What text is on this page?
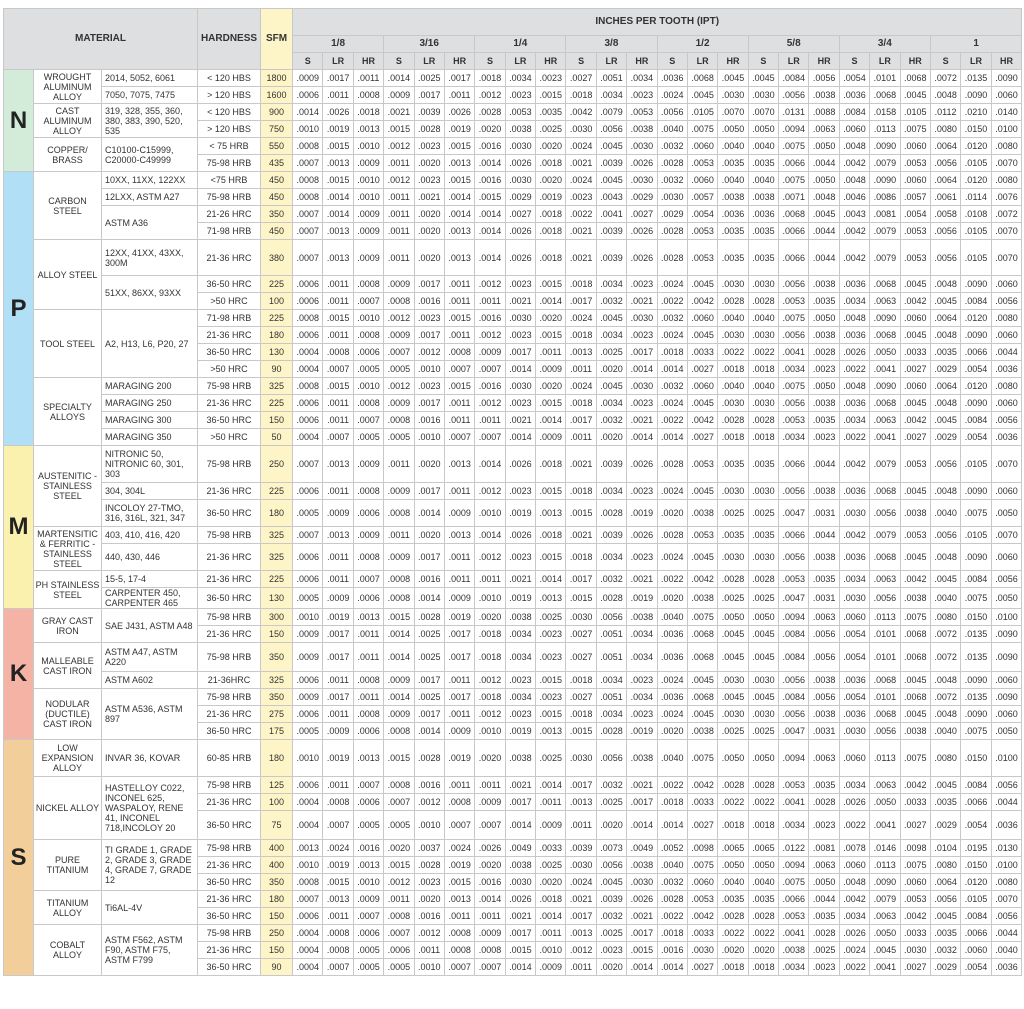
MATERIAL			HARDNESS	SFM	INCHES PER TOOTH (IPT)																							
					1/8			3/16			1/4			3/8			1/2			5/8			3/4			1		
					S	LR	HR	S	LR	HR	S	LR	HR	S	LR	HR	S	LR	HR	S	LR	HR	S	LR	HR	S	LR	HR
N	WROUGHT ALUMINUM ALLOY	2014, 5052, 6061	< 120 HBS	1800	.0009	.0017	.0011	.0014	.0025	.0017	.0018	.0034	.0023	.0027	.0051	.0034	.0036	.0068	.0045	.0045	.0084	.0056	.0054	.0101	.0068	.0072	.0135	.0090
		7050, 7075, 7475	> 120 HBS	1600	.0006	.0011	.0008	.0009	.0017	.0011	.0012	.0023	.0015	.0018	.0034	.0023	.0024	.0045	.0030	.0030	.0056	.0038	.0036	.0068	.0045	.0048	.0090	.0060
	CAST ALUMINUM ALLOY	319, 328, 355, 360, 380, 383, 390, 520, 535	< 120 HBS	900	.0014	.0026	.0018	.0021	.0039	.0026	.0028	.0053	.0035	.0042	.0079	.0053	.0056	.0105	.0070	.0070	.0131	.0088	.0084	.0158	.0105	.0112	.0210	.0140
			> 120 HBS	750	.0010	.0019	.0013	.0015	.0028	.0019	.0020	.0038	.0025	.0030	.0056	.0038	.0040	.0075	.0050	.0050	.0094	.0063	.0060	.0113	.0075	.0080	.0150	.0100
	COPPER/ BRASS	C10100-C15999, C20000-C49999	< 75 HRB	550	.0008	.0015	.0010	.0012	.0023	.0015	.0016	.0030	.0020	.0024	.0045	.0030	.0032	.0060	.0040	.0040	.0075	.0050	.0048	.0090	.0060	.0064	.0120	.0080
			75-98 HRB	435	.0007	.0013	.0009	.0011	.0020	.0013	.0014	.0026	.0018	.0021	.0039	.0026	.0028	.0053	.0035	.0035	.0066	.0044	.0042	.0079	.0053	.0056	.0105	.0070
P	CARBON STEEL	10XX, 11XX, 122XX	<75 HRB	450	.0008	.0015	.0010	.0012	.0023	.0015	.0016	.0030	.0020	.0024	.0045	.0030	.0032	.0060	.0040	.0040	.0075	.0050	.0048	.0090	.0060	.0064	.0120	.0080
		12LXX, ASTM A27	75-98 HRB	450	.0008	.0014	.0010	.0011	.0021	.0014	.0015	.0029	.0019	.0023	.0043	.0029	.0030	.0057	.0038	.0038	.0071	.0048	.0046	.0086	.0057	.0061	.0114	.0076
		ASTM A36	21-26 HRC	350	.0007	.0014	.0009	.0011	.0020	.0014	.0014	.0027	.0018	.0022	.0041	.0027	.0029	.0054	.0036	.0036	.0068	.0045	.0043	.0081	.0054	.0058	.0108	.0072
			71-98 HRB	450	.0007	.0013	.0009	.0011	.0020	.0013	.0014	.0026	.0018	.0021	.0039	.0026	.0028	.0053	.0035	.0035	.0066	.0044	.0042	.0079	.0053	.0056	.0105	.0070
	ALLOY STEEL	12XX, 41XX, 43XX, 300M	21-36 HRC	380	.0007	.0013	.0009	.0011	.0020	.0013	.0014	.0026	.0018	.0021	.0039	.0026	.0028	.0053	.0035	.0035	.0066	.0044	.0042	.0079	.0053	.0056	.0105	.0070
		51XX, 86XX, 93XX	36-50 HRC	225	.0006	.0011	.0008	.0009	.0017	.0011	.0012	.0023	.0015	.0018	.0034	.0023	.0024	.0045	.0030	.0030	.0056	.0038	.0036	.0068	.0045	.0048	.0090	.0060
			>50 HRC	100	.0006	.0011	.0007	.0008	.0016	.0011	.0011	.0021	.0014	.0017	.0032	.0021	.0022	.0042	.0028	.0028	.0053	.0035	.0034	.0063	.0042	.0045	.0084	.0056
	TOOL STEEL	A2, H13, L6, P20, 27	71-98 HRB	225	.0008	.0015	.0010	.0012	.0023	.0015	.0016	.0030	.0020	.0024	.0045	.0030	.0032	.0060	.0040	.0040	.0075	.0050	.0048	.0090	.0060	.0064	.0120	.0080
			21-36 HRC	180	.0006	.0011	.0008	.0009	.0017	.0011	.0012	.0023	.0015	.0018	.0034	.0023	.0024	.0045	.0030	.0030	.0056	.0038	.0036	.0068	.0045	.0048	.0090	.0060
			36-50 HRC	130	.0004	.0008	.0006	.0007	.0012	.0008	.0009	.0017	.0011	.0013	.0025	.0017	.0018	.0033	.0022	.0022	.0041	.0028	.0026	.0050	.0033	.0035	.0066	.0044
			>50 HRC	90	.0004	.0007	.0005	.0005	.0010	.0007	.0007	.0014	.0009	.0011	.0020	.0014	.0014	.0027	.0018	.0018	.0034	.0023	.0022	.0041	.0027	.0029	.0054	.0036
	SPECIALTY ALLOYS	MARAGING 200	75-98 HRB	325	.0008	.0015	.0010	.0012	.0023	.0015	.0016	.0030	.0020	.0024	.0045	.0030	.0032	.0060	.0040	.0040	.0075	.0050	.0048	.0090	.0060	.0064	.0120	.0080
		MARAGING 250	21-36 HRC	225	.0006	.0011	.0008	.0009	.0017	.0011	.0012	.0023	.0015	.0018	.0034	.0023	.0024	.0045	.0030	.0030	.0056	.0038	.0036	.0068	.0045	.0048	.0090	.0060
		MARAGING 300	36-50 HRC	150	.0006	.0011	.0007	.0008	.0016	.0011	.0011	.0021	.0014	.0017	.0032	.0021	.0022	.0042	.0028	.0028	.0053	.0035	.0034	.0063	.0042	.0045	.0084	.0056
		MARAGING 350	>50 HRC	50	.0004	.0007	.0005	.0005	.0010	.0007	.0007	.0014	.0009	.0011	.0020	.0014	.0014	.0027	.0018	.0018	.0034	.0023	.0022	.0041	.0027	.0029	.0054	.0036
M	AUSTENITIC - STAINLESS STEEL	NITRONIC 50, NITRONIC 60, 301, 303	75-98 HRB	250	.0007	.0013	.0009	.0011	.0020	.0013	.0014	.0026	.0018	.0021	.0039	.0026	.0028	.0053	.0035	.0035	.0066	.0044	.0042	.0079	.0053	.0056	.0105	.0070
		304, 304L	21-36 HRC	225	.0006	.0011	.0008	.0009	.0017	.0011	.0012	.0023	.0015	.0018	.0034	.0023	.0024	.0045	.0030	.0030	.0056	.0038	.0036	.0068	.0045	.0048	.0090	.0060
		INCOLOY 27-TMO, 316, 316L, 321, 347	36-50 HRC	180	.0005	.0009	.0006	.0008	.0014	.0009	.0010	.0019	.0013	.0015	.0028	.0019	.0020	.0038	.0025	.0025	.0047	.0031	.0030	.0056	.0038	.0040	.0075	.0050
	MARTENSITIC & FERRITIC - STAINLESS STEEL	403, 410, 416, 420	75-98 HRB	325	.0007	.0013	.0009	.0011	.0020	.0013	.0014	.0026	.0018	.0021	.0039	.0026	.0028	.0053	.0035	.0035	.0066	.0044	.0042	.0079	.0053	.0056	.0105	.0070
		440, 430, 446	21-36 HRC	325	.0006	.0011	.0008	.0009	.0017	.0011	.0012	.0023	.0015	.0018	.0034	.0023	.0024	.0045	.0030	.0030	.0056	.0038	.0036	.0068	.0045	.0048	.0090	.0060
	PH STAINLESS STEEL	15-5, 17-4	21-36 HRC	225	.0006	.0011	.0007	.0008	.0016	.0011	.0011	.0021	.0014	.0017	.0032	.0021	.0022	.0042	.0028	.0028	.0053	.0035	.0034	.0063	.0042	.0045	.0084	.0056
		CARPENTER 450, CARPENTER 465	36-50 HRC	130	.0005	.0009	.0006	.0008	.0014	.0009	.0010	.0019	.0013	.0015	.0028	.0019	.0020	.0038	.0025	.0025	.0047	.0031	.0030	.0056	.0038	.0040	.0075	.0050
K	GRAY CAST IRON	SAE J431, ASTM A48	75-98 HRB	300	.0010	.0019	.0013	.0015	.0028	.0019	.0020	.0038	.0025	.0030	.0056	.0038	.0040	.0075	.0050	.0050	.0094	.0063	.0060	.0113	.0075	.0080	.0150	.0100
			21-36 HRC	150	.0009	.0017	.0011	.0014	.0025	.0017	.0018	.0034	.0023	.0027	.0051	.0034	.0036	.0068	.0045	.0045	.0084	.0056	.0054	.0101	.0068	.0072	.0135	.0090
	MALLEABLE CAST IRON	ASTM A47, ASTM A220	75-98 HRB	350	.0009	.0017	.0011	.0014	.0025	.0017	.0018	.0034	.0023	.0027	.0051	.0034	.0036	.0068	.0045	.0045	.0084	.0056	.0054	.0101	.0068	.0072	.0135	.0090
		ASTM A602	21-36HRC	325	.0006	.0011	.0008	.0009	.0017	.0011	.0012	.0023	.0015	.0018	.0034	.0023	.0024	.0045	.0030	.0030	.0056	.0038	.0036	.0068	.0045	.0048	.0090	.0060
	NODULAR (DUCTILE) CAST IRON	ASTM A536, ASTM 897	75-98 HRB	350	.0009	.0017	.0011	.0014	.0025	.0017	.0018	.0034	.0023	.0027	.0051	.0034	.0036	.0068	.0045	.0045	.0084	.0056	.0054	.0101	.0068	.0072	.0135	.0090
			21-36 HRC	275	.0006	.0011	.0008	.0009	.0017	.0011	.0012	.0023	.0015	.0018	.0034	.0023	.0024	.0045	.0030	.0030	.0056	.0038	.0036	.0068	.0045	.0048	.0090	.0060
			36-50 HRC	175	.0005	.0009	.0006	.0008	.0014	.0009	.0010	.0019	.0013	.0015	.0028	.0019	.0020	.0038	.0025	.0025	.0047	.0031	.0030	.0056	.0038	.0040	.0075	.0050
S	LOW EXPANSION ALLOY	INVAR 36, KOVAR	60-85 HRB	180	.0010	.0019	.0013	.0015	.0028	.0019	.0020	.0038	.0025	.0030	.0056	.0038	.0040	.0075	.0050	.0050	.0094	.0063	.0060	.0113	.0075	.0080	.0150	.0100
	NICKEL ALLOY	HASTELLOY C022, INCONEL 625, WASPALOY, RENE 41, INCONEL 718,INCOLOY 20	75-98 HRB	125	.0006	.0011	.0007	.0008	.0016	.0011	.0011	.0021	.0014	.0017	.0032	.0021	.0022	.0042	.0028	.0028	.0053	.0035	.0034	.0063	.0042	.0045	.0084	.0056
			21-36 HRC	100	.0004	.0008	.0006	.0007	.0012	.0008	.0009	.0017	.0011	.0013	.0025	.0017	.0018	.0033	.0022	.0022	.0041	.0028	.0026	.0050	.0033	.0035	.0066	.0044
			36-50 HRC	75	.0004	.0007	.0005	.0005	.0010	.0007	.0007	.0014	.0009	.0011	.0020	.0014	.0014	.0027	.0018	.0018	.0034	.0023	.0022	.0041	.0027	.0029	.0054	.0036
	PURE TITANIUM	TI GRADE 1, GRADE 2, GRADE 3, GRADE 4, GRADE 7, GRADE 12	75-98 HRB	400	.0013	.0024	.0016	.0020	.0037	.0024	.0026	.0049	.0033	.0039	.0073	.0049	.0052	.0098	.0065	.0065	.0122	.0081	.0078	.0146	.0098	.0104	.0195	.0130
			21-36 HRC	400	.0010	.0019	.0013	.0015	.0028	.0019	.0020	.0038	.0025	.0030	.0056	.0038	.0040	.0075	.0050	.0050	.0094	.0063	.0060	.0113	.0075	.0080	.0150	.0100
			36-50 HRC	350	.0008	.0015	.0010	.0012	.0023	.0015	.0016	.0030	.0020	.0024	.0045	.0030	.0032	.0060	.0040	.0040	.0075	.0050	.0048	.0090	.0060	.0064	.0120	.0080
	TITANIUM ALLOY	Ti6AL-4V	21-36 HRC	180	.0007	.0013	.0009	.0011	.0020	.0013	.0014	.0026	.0018	.0021	.0039	.0026	.0028	.0053	.0035	.0035	.0066	.0044	.0042	.0079	.0053	.0056	.0105	.0070
			36-50 HRC	150	.0006	.0011	.0007	.0008	.0016	.0011	.0011	.0021	.0014	.0017	.0032	.0021	.0022	.0042	.0028	.0028	.0053	.0035	.0034	.0063	.0042	.0045	.0084	.0056
	COBALT ALLOY	ASTM F562, ASTM F90, ASTM F75, ASTM F799	75-98 HRB	250	.0004	.0008	.0006	.0007	.0012	.0008	.0009	.0017	.0011	.0013	.0025	.0017	.0018	.0033	.0022	.0022	.0041	.0028	.0026	.0050	.0033	.0035	.0066	.0044
			21-36 HRC	150	.0004	.0008	.0005	.0006	.0011	.0008	.0008	.0015	.0010	.0012	.0023	.0015	.0016	.0030	.0020	.0020	.0038	.0025	.0024	.0045	.0030	.0032	.0060	.0040
			36-50 HRC	90	.0004	.0007	.0005	.0005	.0010	.0007	.0007	.0014	.0009	.0011	.0020	.0014	.0014	.0027	.0018	.0018	.0034	.0023	.0022	.0041	.0027	.0029	.0054	.0036
